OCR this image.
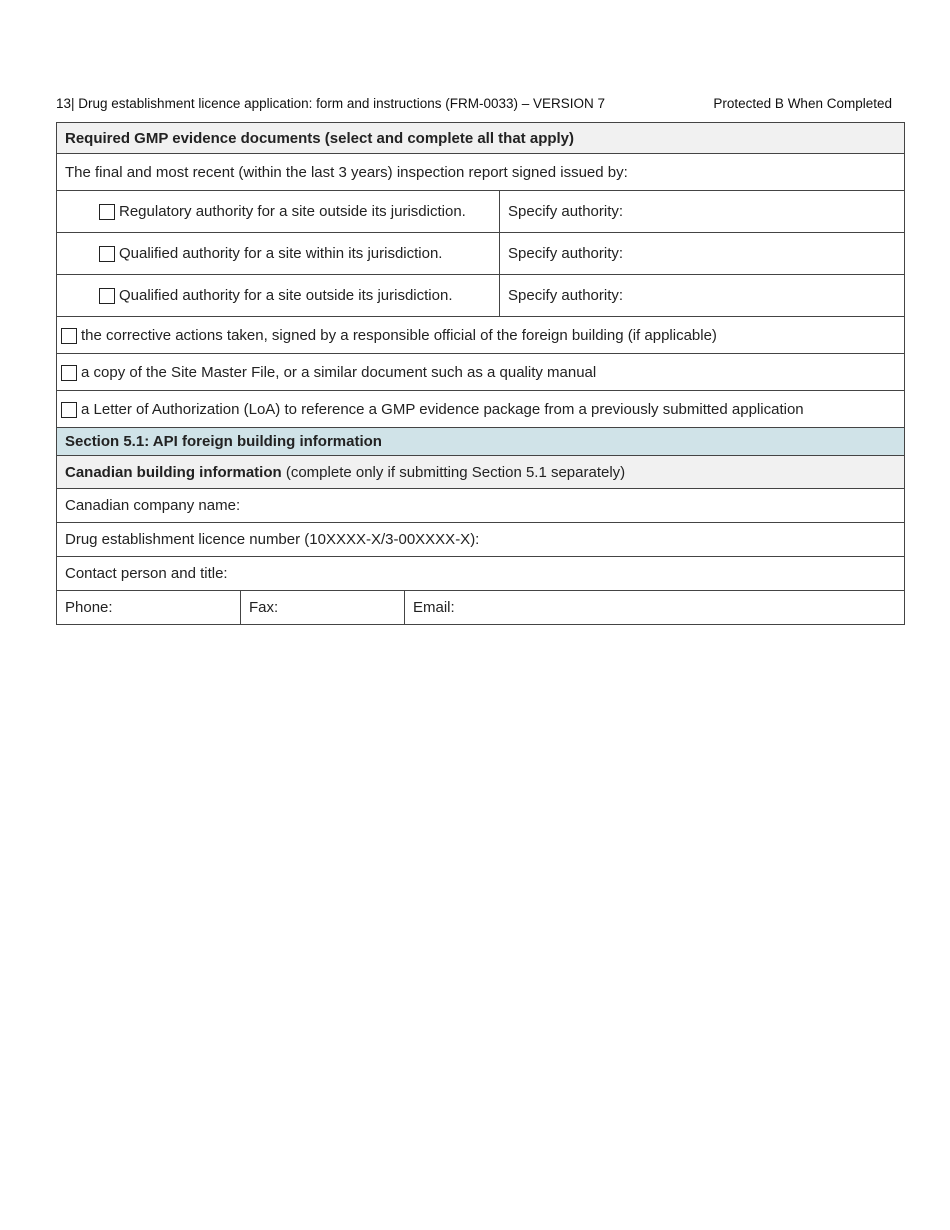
13| Drug establishment licence application: form and instructions (FRM-0033) – VERSION 7	Protected B When Completed
Required GMP evidence documents (select and complete all that apply)			
The final and most recent (within the last 3 years) inspection report signed issued by:			
Regulatory authority for a site outside its jurisdiction.			Specify authority:
Qualified authority for a site within its jurisdiction.			Specify authority:
Qualified authority for a site outside its jurisdiction.			Specify authority:
the corrective actions taken, signed by a responsible official of the foreign building (if applicable)			
a copy of the Site Master File, or a similar document such as a quality manual			
a Letter of Authorization (LoA) to reference a GMP evidence package from a previously submitted application			
Section 5.1: API foreign building information			
Canadian building information (complete only if submitting Section 5.1 separately)			
Canadian company name:			
Drug establishment licence number (10XXXX-X/3-00XXXX-X):			
Contact person and title:			
Phone:	Fax:	Email:	
